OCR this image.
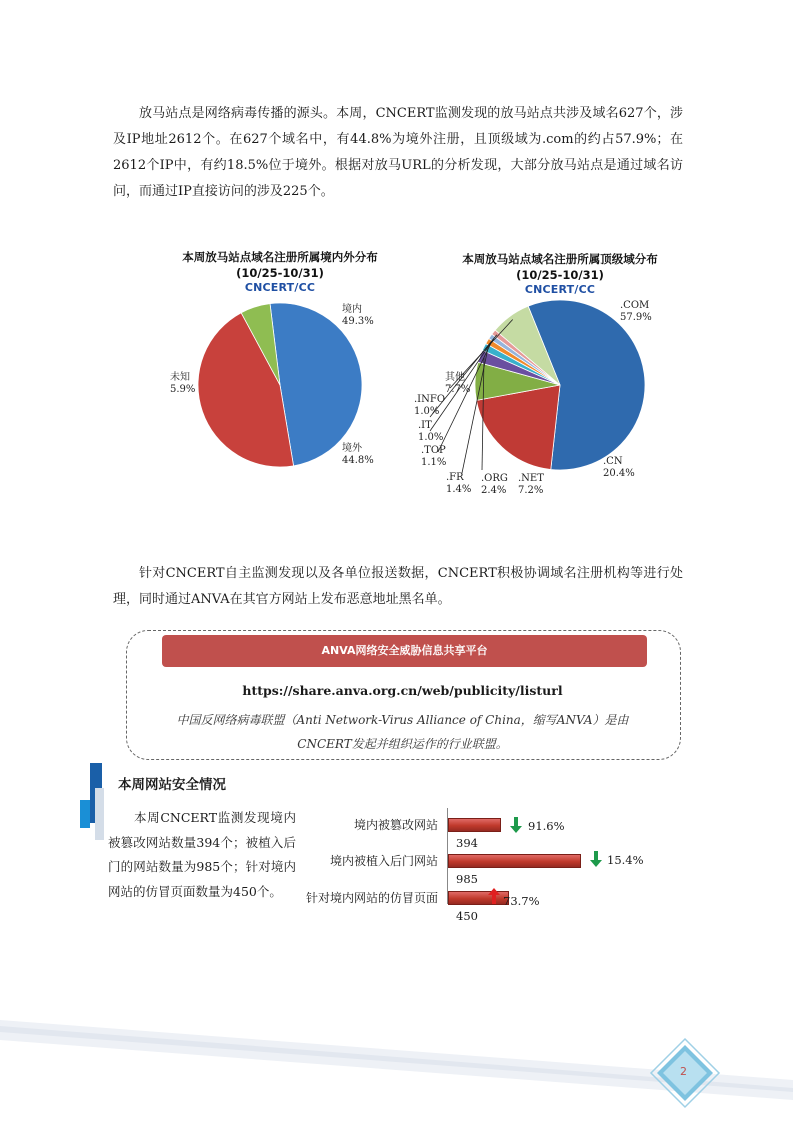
放马站点是网络病毒传播的源头。本周，CNCERT监测发现的放马站点共涉及域名627个，涉及IP地址2612个。在627个域名中，有44.8%为境外注册，且顶级域为.com的约占57.9%；在2612个IP中，有约18.5%位于境外。根据对放马URL的分析发现，大部分放马站点是通过域名访问，而通过IP直接访问的涉及225个。

本周放马站点域名注册所属境内外分布
(10/25-10/31)
CNCERT/CC
境内
49.3%
境外
44.8%
未知
5.9%
本周放马站点域名注册所属顶级域分布
(10/25-10/31)
CNCERT/CC
.COM
57.9%
.CN
20.4%
.NET
7.2%
.ORG
2.4%
.FR
1.4%
.TOP
1.1%
.IT
1.0%
.INFO
1.0%
其他
7.7%

针对CNCERT自主监测发现以及各单位报送数据，CNCERT积极协调域名注册机构等进行处理，同时通过ANVA在其官方网站上发布恶意地址黑名单。

ANVA网络安全威胁信息共享平台
https://share.anva.org.cn/web/publicity/listurl
中国反网络病毒联盟（Anti Network-Virus Alliance of China，缩写ANVA）是由
CNCERT发起并组织运作的行业联盟。
本周网站安全情况
本周CNCERT监测发现境内被篡改网站数量394个；被植入后门的网站数量为985个；针对境内网站的仿冒页面数量为450个。
境内被篡改网站
394
91.6%
境内被植入后门网站
985
15.4%
针对境内网站的仿冒页面
450
73.7%
2
